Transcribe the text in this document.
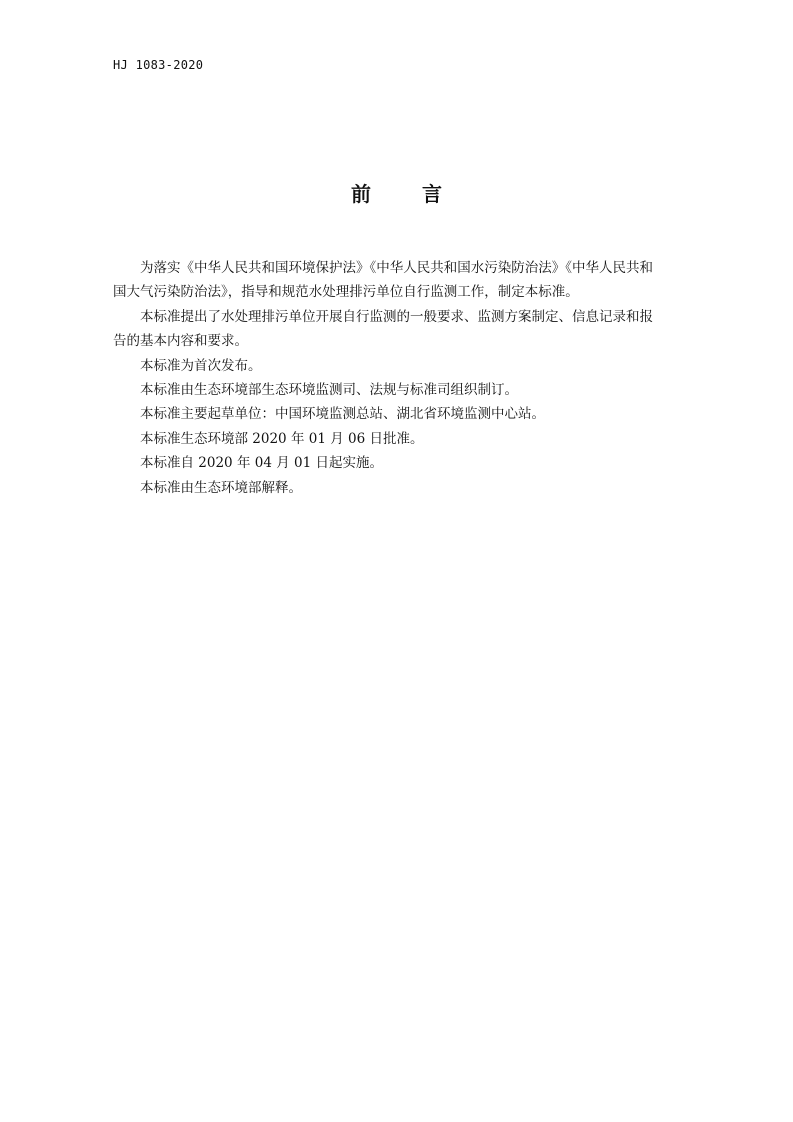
HJ 1083-2020
前 言
为落实《中华人民共和国环境保护法》《中华人民共和国水污染防治法》《中华人民共和
国大气污染防治法》，指导和规范水处理排污单位自行监测工作，制定本标准。
本标准提出了水处理排污单位开展自行监测的一般要求、监测方案制定、信息记录和报
告的基本内容和要求。
本标准为首次发布。
本标准由生态环境部生态环境监测司、法规与标准司组织制订。
本标准主要起草单位：中国环境监测总站、湖北省环境监测中心站。
本标准生态环境部 2020 年 01 月 06 日批准。
本标准自 2020 年 04 月 01 日起实施。
本标准由生态环境部解释。
